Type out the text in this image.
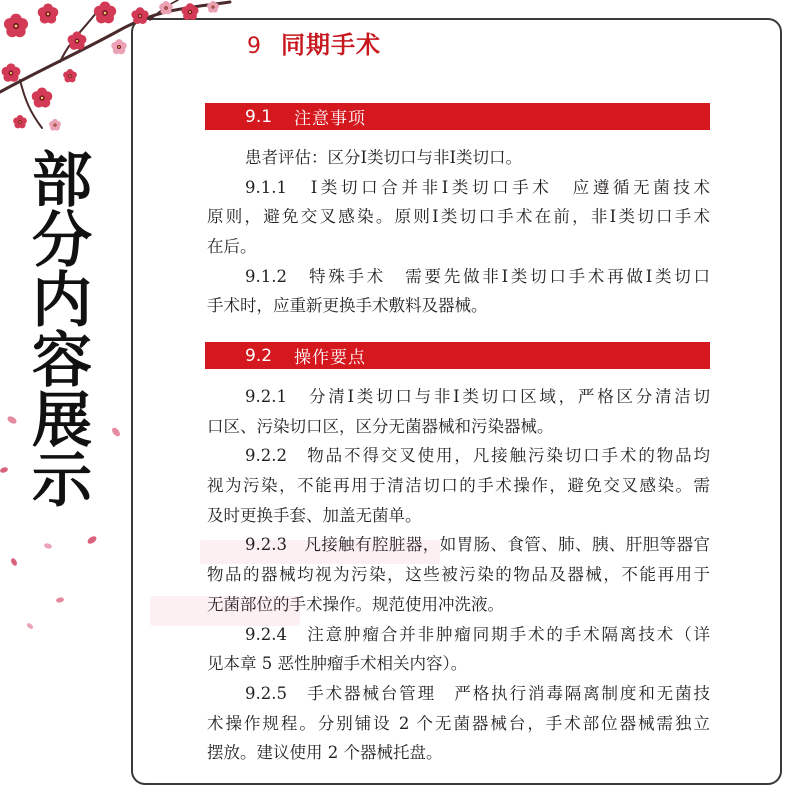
部分内容展示
9 同期手术
9.1 注意事项
患者评估：区分Ⅰ类切口与非Ⅰ类切口。
9.1.1　Ⅰ类切口合并非Ⅰ类切口手术　应遵循无菌技术
原则，避免交叉感染。原则Ⅰ类切口手术在前，非Ⅰ类切口手术
在后。
9.1.2　特殊手术　需要先做非Ⅰ类切口手术再做Ⅰ类切口
手术时，应重新更换手术敷料及器械。
9.2 操作要点
9.2.1　分清Ⅰ类切口与非Ⅰ类切口区域，严格区分清洁切
口区、污染切口区，区分无菌器械和污染器械。
9.2.2　物品不得交叉使用，凡接触污染切口手术的物品均
视为污染，不能再用于清洁切口的手术操作，避免交叉感染。需
及时更换手套、加盖无菌单。
9.2.3　凡接触有腔脏器，如胃肠、食管、肺、胰、肝胆等器官
物品的器械均视为污染，这些被污染的物品及器械，不能再用于
无菌部位的手术操作。规范使用冲洗液。
9.2.4　注意肿瘤合并非肿瘤同期手术的手术隔离技术（详
见本章 5 恶性肿瘤手术相关内容）。
9.2.5　手术器械台管理　严格执行消毒隔离制度和无菌技
术操作规程。分别铺设 2 个无菌器械台，手术部位器械需独立
摆放。建议使用 2 个器械托盘。
